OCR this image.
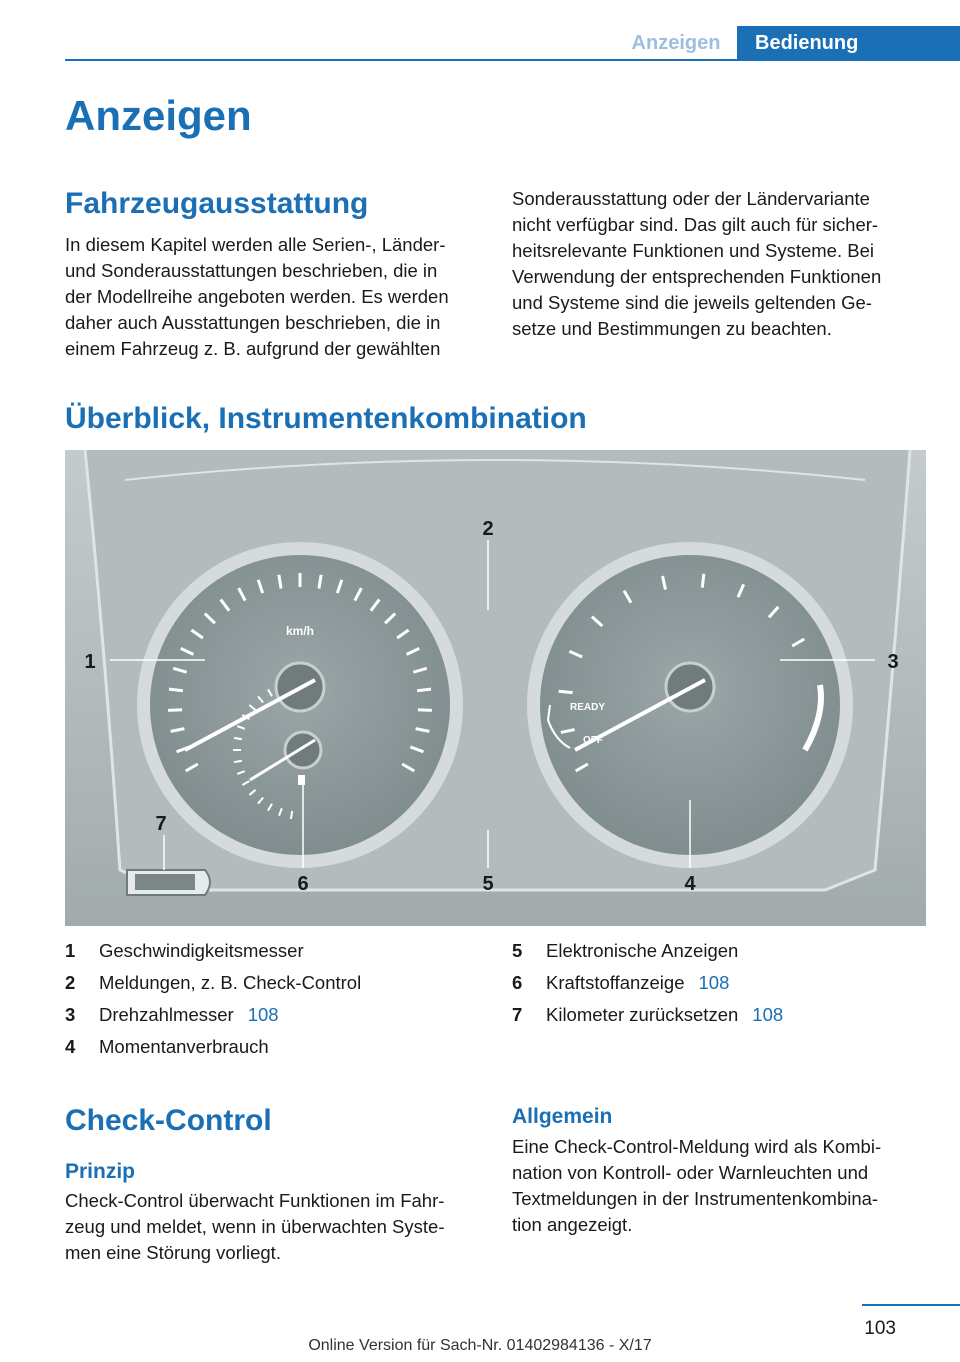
Anzeigen	Bedienung
Anzeigen
Fahrzeugausstattung
In diesem Kapitel werden alle Serien-, Länder-
und Sonderausstattungen beschrieben, die in
der Modellreihe angeboten werden. Es werden
daher auch Ausstattungen beschrieben, die in
einem Fahrzeug z. B. aufgrund der gewählten
Sonderausstattung oder der Ländervariante
nicht verfügbar sind. Das gilt auch für sicher-
heitsrelevante Funktionen und Systeme. Bei
Verwendung der entsprechenden Funktionen
und Systeme sind die jeweils geltenden Ge-
setze und Bestimmungen zu beachten.
Überblick, Instrumentenkombination
km/h
READY
OFF
1
2
3
4
5
6
7
1 Geschwindigkeitsmesser
2 Meldungen, z. B. Check-Control
3 Drehzahlmesser 108
4 Momentanverbrauch
5 Elektronische Anzeigen
6 Kraftstoffanzeige 108
7 Kilometer zurücksetzen 108
Check-Control
Prinzip
Check-Control überwacht Funktionen im Fahr-
zeug und meldet, wenn in überwachten Syste-
men eine Störung vorliegt.
Allgemein
Eine Check-Control-Meldung wird als Kombi-
nation von Kontroll- oder Warnleuchten und
Textmeldungen in der Instrumentenkombina-
tion angezeigt.
103
Online Version für Sach-Nr. 01402984136 - X/17
